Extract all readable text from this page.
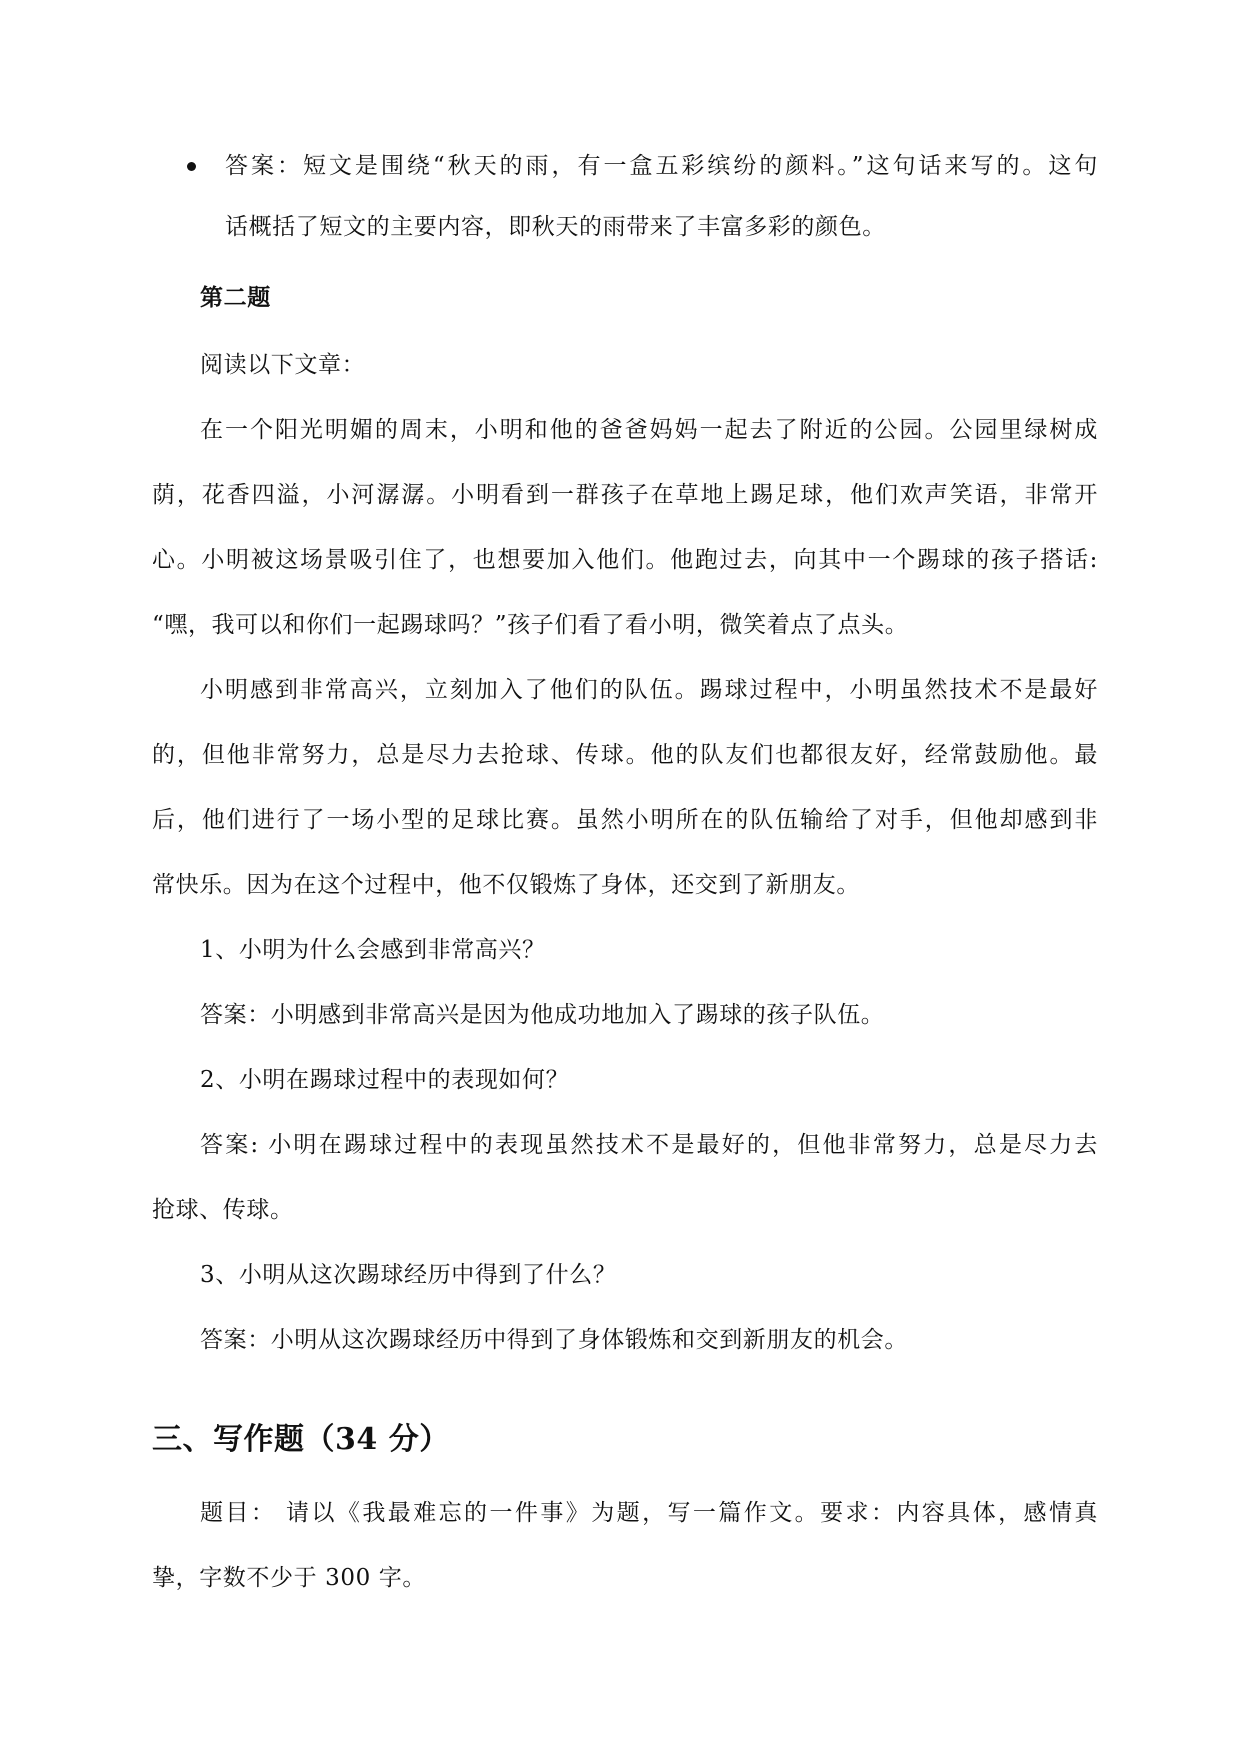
答案：短文是围绕“秋天的雨，有一盒五彩缤纷的颜料。”这句话来写的。这句
话概括了短文的主要内容，即秋天的雨带来了丰富多彩的颜色。
第二题
阅读以下文章：
在一个阳光明媚的周末，小明和他的爸爸妈妈一起去了附近的公园。公园里绿树成
荫，花香四溢，小河潺潺。小明看到一群孩子在草地上踢足球，他们欢声笑语，非常开
心。小明被这场景吸引住了，也想要加入他们。他跑过去，向其中一个踢球的孩子搭话:
“嘿，我可以和你们一起踢球吗？”孩子们看了看小明，微笑着点了点头。
小明感到非常高兴，立刻加入了他们的队伍。踢球过程中，小明虽然技术不是最好
的，但他非常努力，总是尽力去抢球、传球。他的队友们也都很友好，经常鼓励他。最
后，他们进行了一场小型的足球比赛。虽然小明所在的队伍输给了对手，但他却感到非
常快乐。因为在这个过程中，他不仅锻炼了身体，还交到了新朋友。
1、小明为什么会感到非常高兴？
答案：小明感到非常高兴是因为他成功地加入了踢球的孩子队伍。
2、小明在踢球过程中的表现如何？
答案: 小明在踢球过程中的表现虽然技术不是最好的，但他非常努力，总是尽力去
抢球、传球。
3、小明从这次踢球经历中得到了什么？
答案：小明从这次踢球经历中得到了身体锻炼和交到新朋友的机会。
三、写作题（34 分）
题目： 请以《我最难忘的一件事》为题，写一篇作文。要求：内容具体，感情真
挚，字数不少于 300 字。
